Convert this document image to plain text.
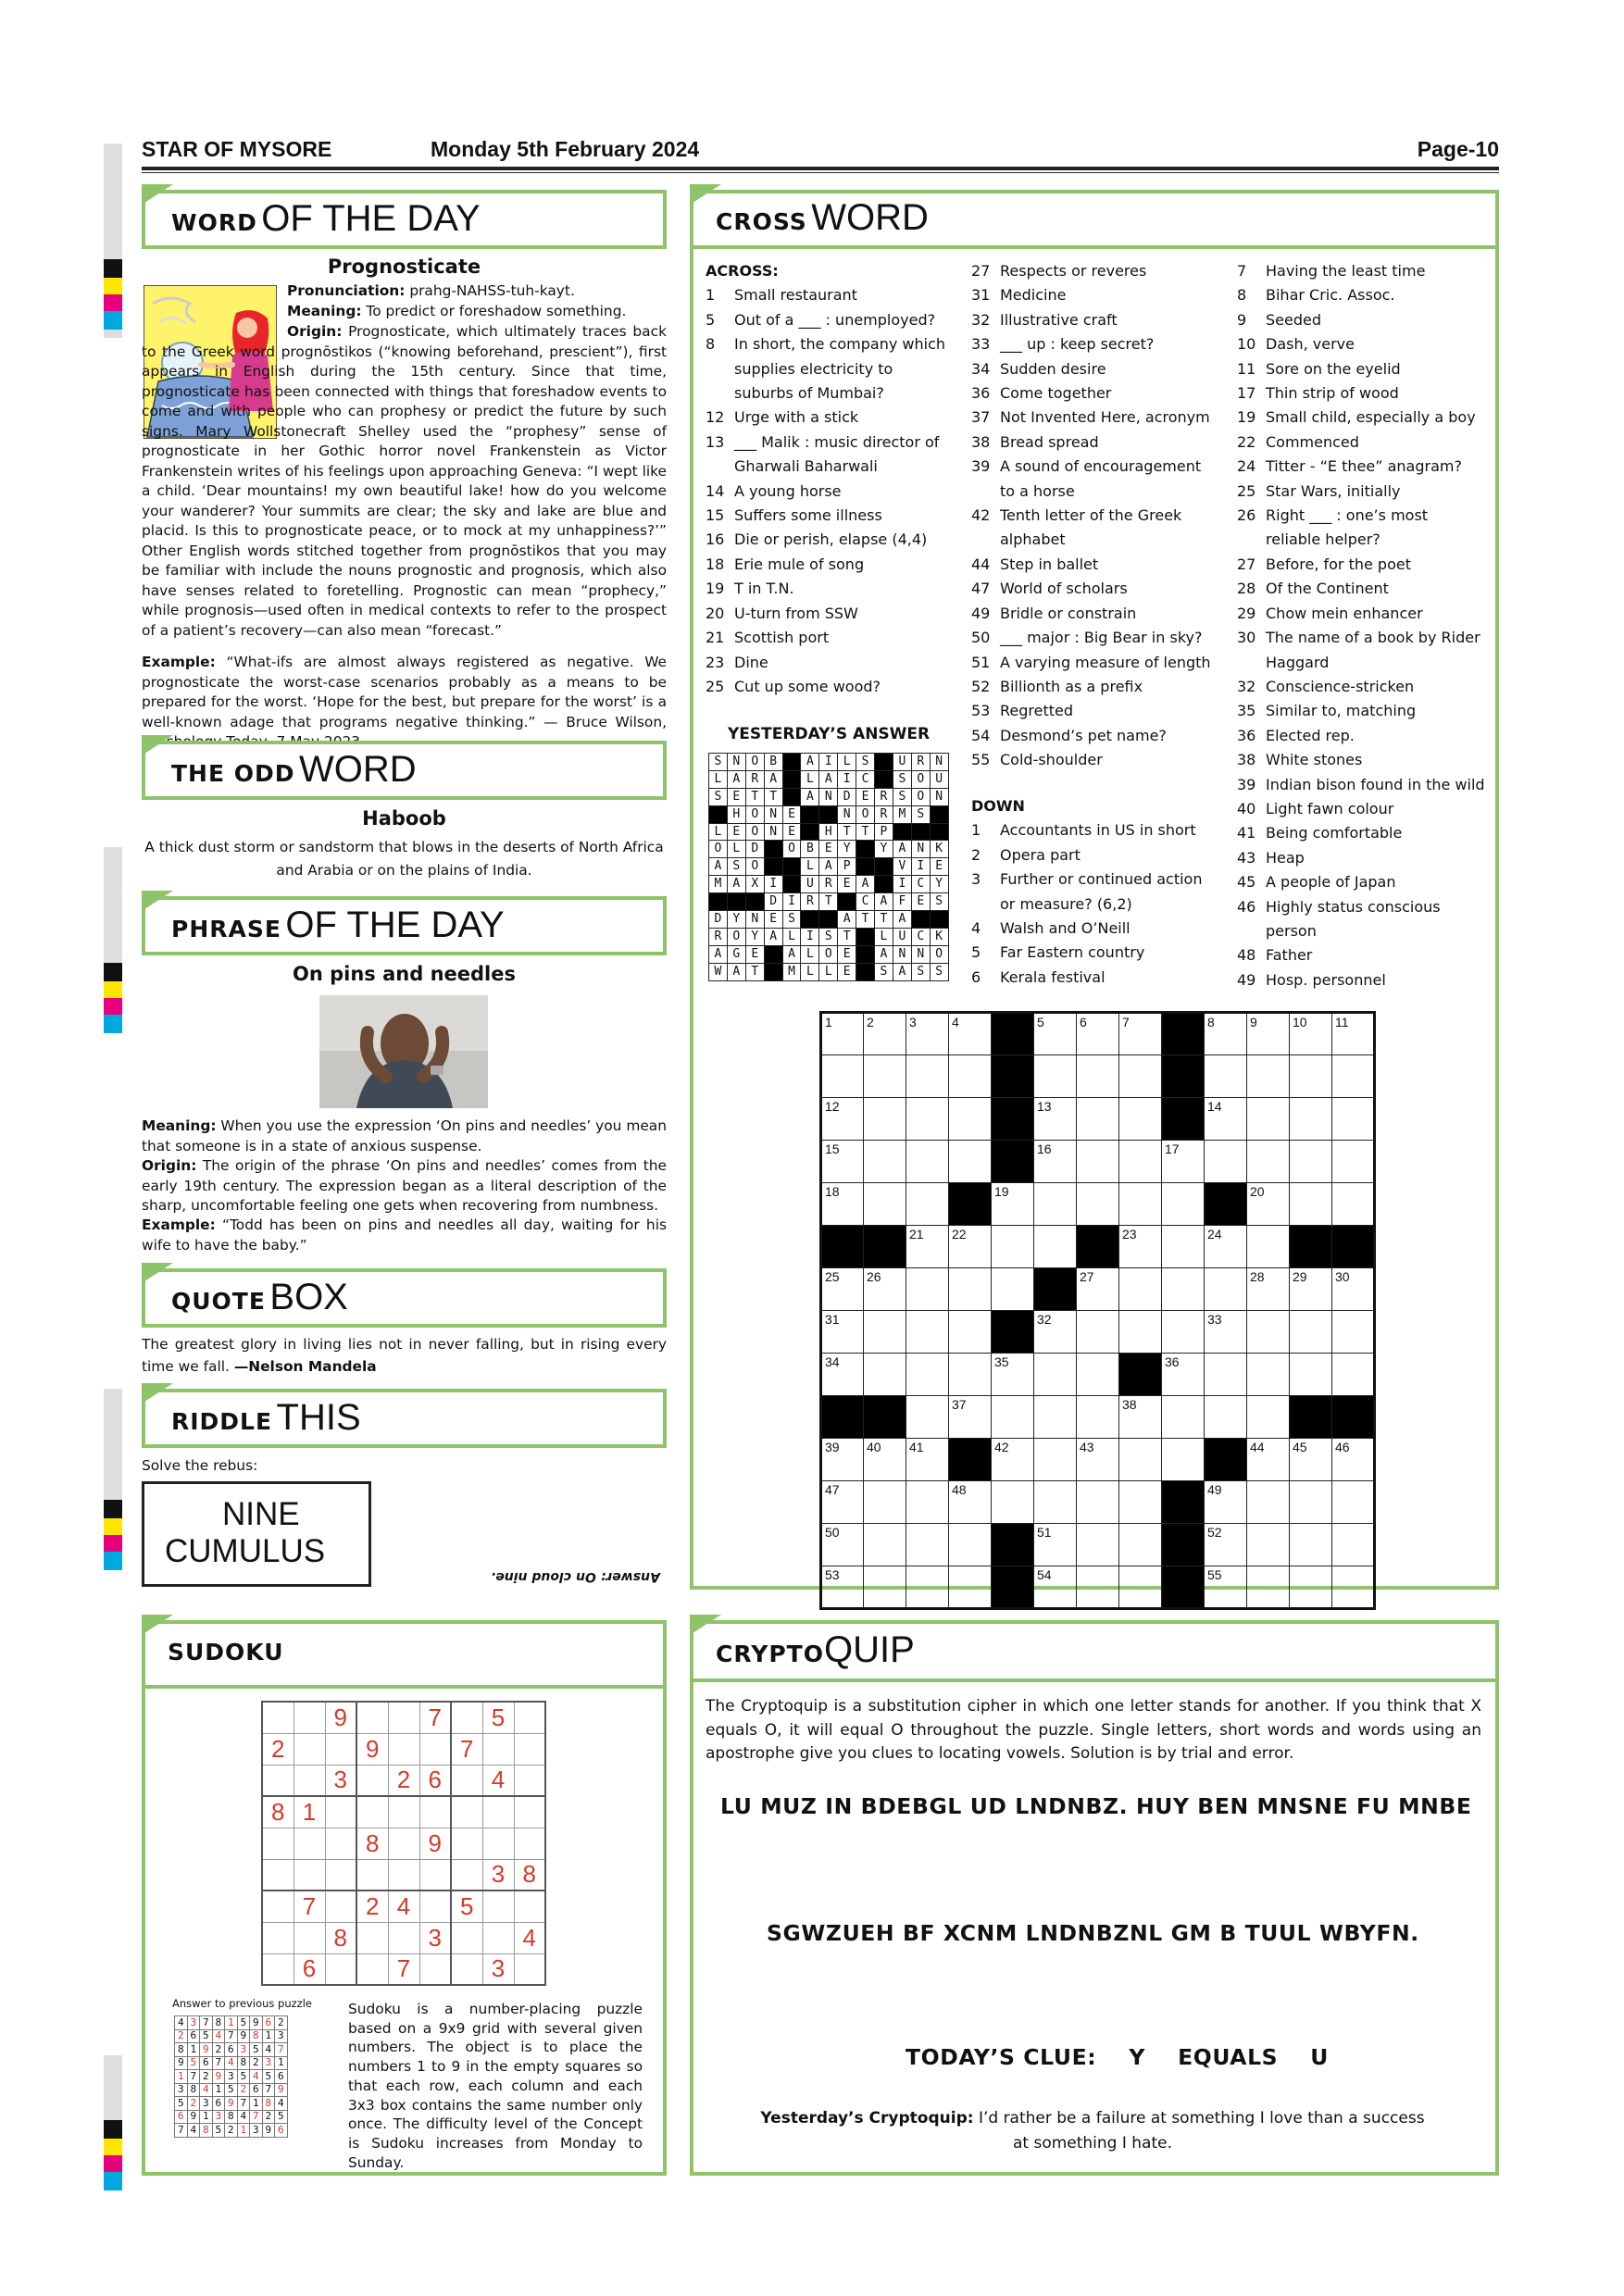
STAR OF MYSORE	Monday 5th February 2024	Page-10
WORD OF THE DAY
Prognosticate
Pronunciation: prahg-NAHSS-tuh-kayt.
Meaning: To predict or foreshadow something.
Origin: Prognosticate, which ultimately traces back to the Greek word prognōstikos (“knowing beforehand, prescient”), first appears in English during the 15th century. Since that time, prognosticate has been connected with things that foreshadow events to come and with people who can prophesy or predict the future by such signs. Mary Wollstonecraft Shelley used the “prophesy” sense of prognosticate in her Gothic horror novel Frankenstein as Victor Frankenstein writes of his feelings upon approaching Geneva: “I wept like a child. ‘Dear mountains! my own beautiful lake! how do you welcome your wanderer? Your summits are clear; the sky and lake are blue and placid. Is this to prognosticate peace, or to mock at my unhappiness?’” Other English words stitched together from prognōstikos that you may be familiar with include the nouns prognostic and prognosis, which also have senses related to foretelling. Prognostic can mean “prophecy,” while prognosis—used often in medical contexts to refer to the prospect of a patient’s recovery—can also mean “forecast.”
Example: “What-ifs are almost always registered as negative. We prognosticate the worst-case scenarios probably as a means to be prepared for the worst. ‘Hope for the best, but prepare for the worst’ is a well-known adage that programs negative thinking.” — Bruce Wilson,
THE ODD WORD
Haboob
A thick dust storm or sandstorm that blows in the deserts of North Africa and Arabia or on the plains of India.
PHRASE OF THE DAY
On pins and needles
Meaning: When you use the expression ‘On pins and needles’ you mean that someone is in a state of anxious suspense.
Origin: The origin of the phrase ‘On pins and needles’ comes from the early 19th century. The expression began as a literal description of the sharp, uncomfortable feeling one gets when recovering from numbness.
Example: “Todd has been on pins and needles all day, waiting for his wife to have the baby.”
QUOTE BOX
The greatest glory in living lies not in never falling, but in rising every time we fall. —Nelson Mandela
RIDDLE THIS
Solve the rebus:
NINE
CUMULUS
Answer: On cloud nine.
SUDOKU
		9			7		5	
2			9			7		
		3		2	6		4	
8	1							
			8		9			
							3	8
	7		2	4		5		
		8			3			4
	6			7			3	
Answer to previous puzzle
4	3	7	8	1	5	9	6	2
2	6	5	4	7	9	8	1	3
8	1	9	2	6	3	5	4	7
9	5	6	7	4	8	2	3	1
1	7	2	9	3	5	4	5	6
3	8	4	1	5	2	6	7	9
5	2	3	6	9	7	1	8	4
6	9	1	3	8	4	7	2	5
7	4	8	5	2	1	3	9	6
Sudoku is a number-placing puzzle based on a 9x9 grid with several given numbers. The object is to place the numbers 1 to 9 in the empty squares so that each row, each column and each 3x3 box contains the same number only once. The difficulty level of the Concept is Sudoku increases from Monday to Sunday.
CROSS WORD
ACROSS:
1	Small restaurant
5	Out of a ___ : unemployed?
8	In short, the company which supplies electricity to suburbs of Mumbai?
12 Urge with a stick
13 ___ Malik : music director of Gharwali Baharwali
14 A young horse
15 Suffers some illness
16 Die or perish, elapse (4,4)
18 Erie mule of song
19 T in T.N.
20 U-turn from SSW
21 Scottish port
23 Dine
25 Cut up some wood?
27 Respects or reveres
31 Medicine
32 Illustrative craft
33 ___ up : keep secret?
34 Sudden desire
36 Come together
37 Not Invented Here, acronym
38 Bread spread
39 A sound of encouragement to a horse
42 Tenth letter of the Greek alphabet
44 Step in ballet
47 World of scholars
49 Bridle or constrain
50 ___ major : Big Bear in sky?
51 A varying measure of length
52 Billionth as a prefix
53 Regretted
54 Desmond’s pet name?
55 Cold-shoulder
DOWN
1	Accountants in US in short
2	Opera part
3	Further or continued action or measure? (6,2)
4	Walsh and O’Neill
5	Far Eastern country
6	Kerala festival
7	Having the least time
8	Bihar Cric. Assoc.
9	Seeded
10 Dash, verve
11 Sore on the eyelid
17 Thin strip of wood
19 Small child, especially a boy
22 Commenced
24 Titter - “E thee” anagram?
25 Star Wars, initially
26 Right ___ : one’s most reliable helper?
27 Before, for the poet
28 Of the Continent
29 Chow mein enhancer
30 The name of a book by Rider Haggard
32 Conscience-stricken
35 Similar to, matching
36 Elected rep.
38 White stones
39 Indian bison found in the wild
40 Light fawn colour
41 Being comfortable
43 Heap
45 A people of Japan
46 Highly status conscious person
48 Father
49 Hosp. personnel
YESTERDAY’S ANSWER
S	N	O	B		A	I	L	S		U	R	N
L	A	R	A		L	A	I	C		S	O	U
S	E	T	T		A	N	D	E	R	S	O	N
	H	O	N	E			N	O	R	M	S	
L	E	O	N	E		H	T	T	P			
O	L	D		O	B	E	Y		Y	A	N	K
A	S	O			L	A	P			V	I	E
M	A	X	I		U	R	E	A		I	C	Y
			D	I	R	T		C	A	F	E	S
D	Y	N	E	S			A	T	T	A		
R	O	Y	A	L	I	S	T		L	U	C	K
A	G	E		A	L	O	E		A	N	N	O
W	A	T		M	L	L	E		S	A	S	S
1	2	3	4		5	6	7		8	9	10	11

12					13				14			
15					16			17				
18				19						20		
		21	22				23		24			
25	26					27				28	29	30
31					32				33			
34				35				36				
			37				38					
39	40	41		42		43				44	45	46
47			48						49			
50					51				52			
53					54				55			
CRYPTOQUIP
The Cryptoquip is a substitution cipher in which one letter stands for another. If you think that X equals O, it will equal O throughout the puzzle. Single letters, short words and words using an apostrophe give you clues to locating vowels. Solution is by trial and error.
LU MUZ IN BDEBGL UD LNDNBZ. HUY BEN MNSNE FU MNBE
SGWZUEH BF XCNM LNDNBZNL GM B TUUL WBYFN.
TODAY’S CLUE:    Y    EQUALS    U
Yesterday’s Cryptoquip: I’d rather be a failure at something I love than a success at something I hate.
